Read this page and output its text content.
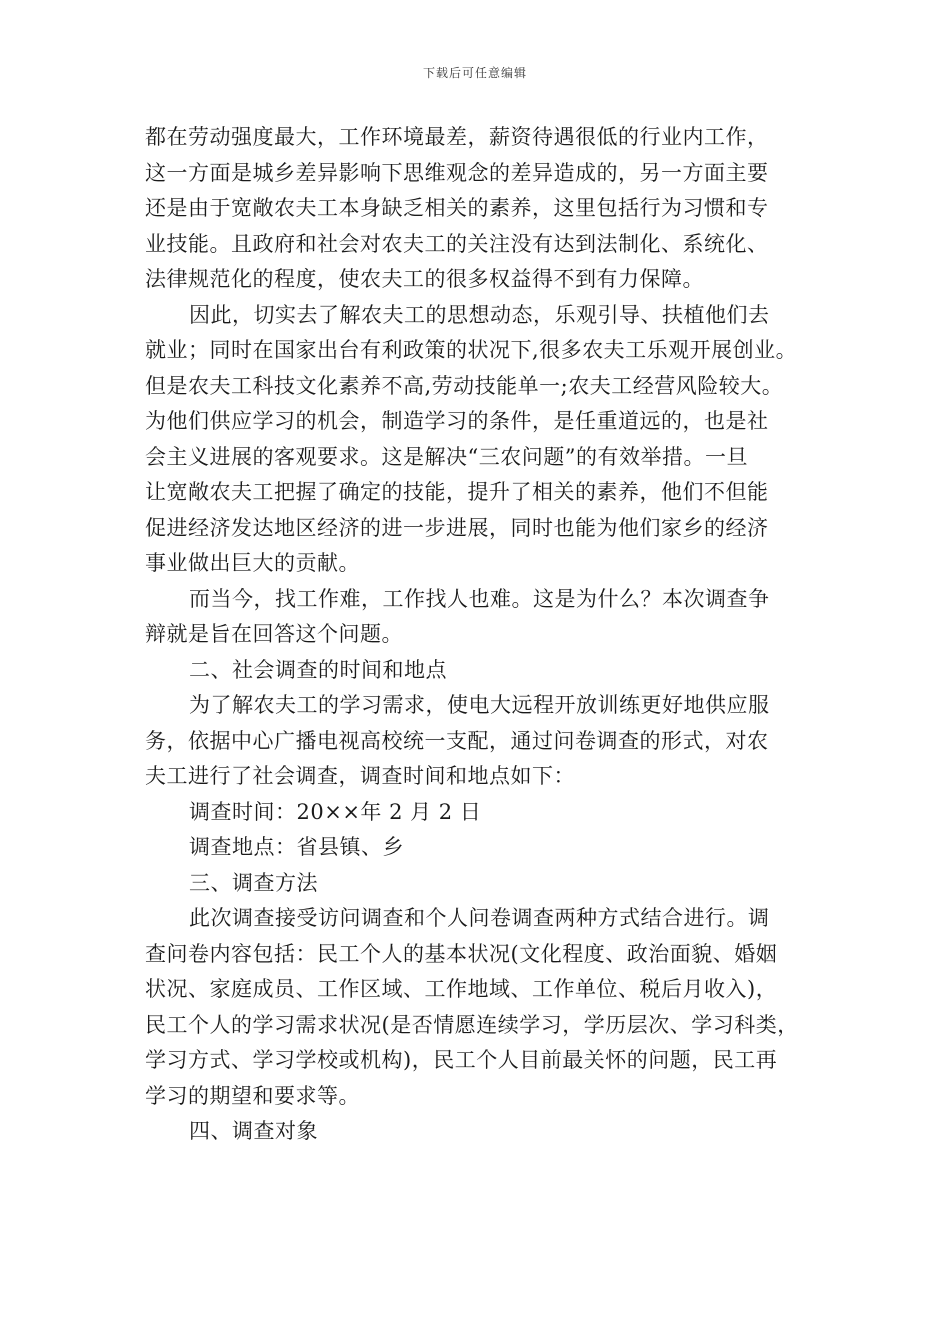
下载后可任意编辑
都在劳动强度最大，工作环境最差，薪资待遇很低的行业内工作，
这一方面是城乡差异影响下思维观念的差异造成的，另一方面主要
还是由于宽敞农夫工本身缺乏相关的素养，这里包括行为习惯和专
业技能。且政府和社会对农夫工的关注没有达到法制化、系统化、
法律规范化的程度，使农夫工的很多权益得不到有力保障。
因此，切实去了解农夫工的思想动态，乐观引导、扶植他们去
就业；同时在国家出台有利政策的状况下,很多农夫工乐观开展创业。
但是农夫工科技文化素养不高,劳动技能单一;农夫工经营风险较大。
为他们供应学习的机会，制造学习的条件，是任重道远的，也是社
会主义进展的客观要求。这是解决“三农问题”的有效举措。一旦
让宽敞农夫工把握了确定的技能，提升了相关的素养，他们不但能
促进经济发达地区经济的进一步进展，同时也能为他们家乡的经济
事业做出巨大的贡献。
而当今，找工作难，工作找人也难。这是为什么？本次调查争
辩就是旨在回答这个问题。
二、社会调查的时间和地点
为了解农夫工的学习需求，使电大远程开放训练更好地供应服
务，依据中心广播电视高校统一支配，通过问卷调查的形式，对农
夫工进行了社会调查，调查时间和地点如下：
调查时间：20××年 2 月 2 日
调查地点：省县镇、乡
三、调查方法
此次调查接受访问调查和个人问卷调查两种方式结合进行。调
查问卷内容包括：民工个人的基本状况(文化程度、政治面貌、婚姻
状况、家庭成员、工作区域、工作地域、工作单位、税后月收入)，
民工个人的学习需求状况(是否情愿连续学习，学历层次、学习科类，
学习方式、学习学校或机构)，民工个人目前最关怀的问题，民工再
学习的期望和要求等。
四、调查对象
